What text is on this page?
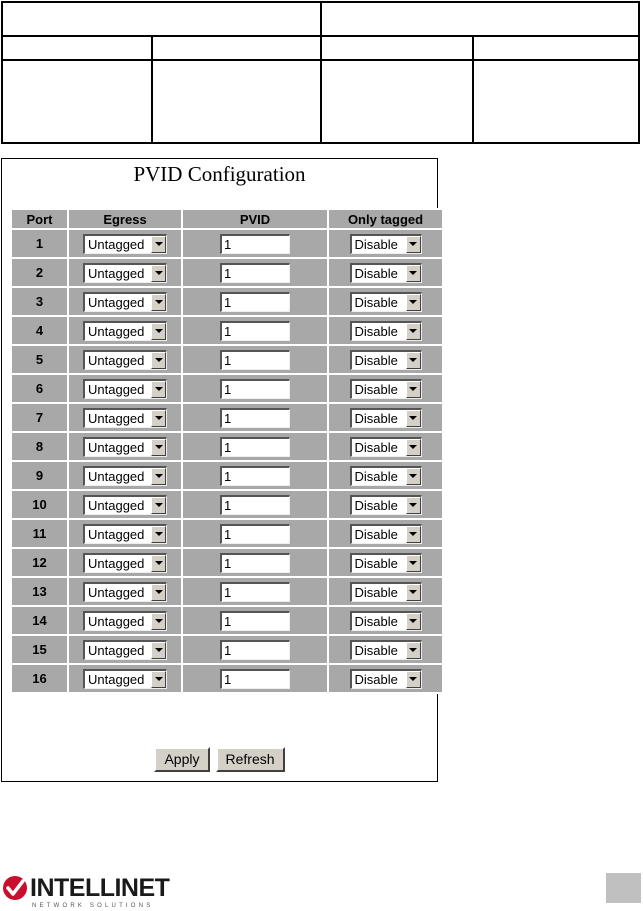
PVID Configuration
Port	Egress	PVID	Only tagged
1	Untagged	1	Disable

2	Untagged	1	Disable

3	Untagged	1	Disable

4	Untagged	1	Disable

5	Untagged	1	Disable

6	Untagged	1	Disable

7	Untagged	1	Disable

8	Untagged	1	Disable

9	Untagged	1	Disable

10	Untagged	1	Disable

11	Untagged	1	Disable

12	Untagged	1	Disable

13	Untagged	1	Disable

14	Untagged	1	Disable

15	Untagged	1	Disable

16	Untagged	1	Disable
Apply Refresh
INTELLINET
NETWORK SOLUTIONS
